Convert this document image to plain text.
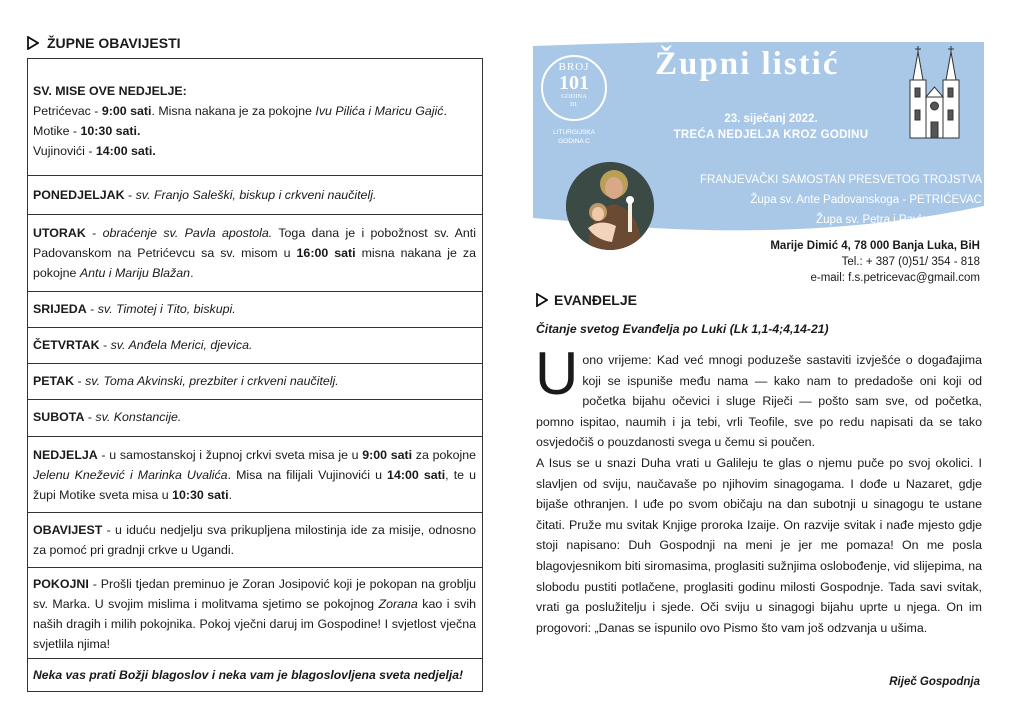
ŽUPNE OBAVIJESTI
SV. MISE OVE NEDJELJE:
Petrićevac - 9:00 sati. Misna nakana je za pokojne Ivu Pilića i Maricu Gajić.
Motike - 10:30 sati.
Vujinovići - 14:00 sati.
PONEDJELJAK - sv. Franjo Saleški, biskup i crkveni naučitelj.
UTORAK - obraćenje sv. Pavla apostola. Toga dana je i pobožnost sv. Anti Padovanskom na Petrićevcu sa sv. misom u 16:00 sati misna nakana je za pokojne Antu i Mariju Blažan.
SRIJEDA - sv. Timotej i Tito, biskupi.
ČETVRTAK - sv. Anđela Merici, djevica.
PETAK - sv. Toma Akvinski, prezbiter i crkveni naučitelj.
SUBOTA - sv. Konstancije.
NEDJELJA - u samostanskoj i župnoj crkvi sveta misa je u 9:00 sati za pokojne Jelenu Knežević i Marinka Uvalića. Misa na filijali Vujinovići u 14:00 sati, te u župi Motike sveta misa u 10:30 sati.
OBAVIJEST - u iduću nedjelju sva prikupljena milostinja ide za misije, odnosno za pomoć pri gradnji crkve u Ugandi.
POKOJNI - Prošli tjedan preminuo je Zoran Josipović koji je pokopan na groblju sv. Marka. U svojim mislima i molitvama sjetimo se pokojnog Zorana kao i svih naših dragih i milih pokojnika. Pokoj vječni daruj im Gospodine! I svjetlost vječna svjetlila njima!
Neka vas prati Božji blagoslov i neka vam je blagoslovljena sveta nedjelja!
BROJ
101
GODINA
III.
LITURGIJSKA
GODINA C
Župni listić
23. siječanj 2022.
TREĆA NEDJELJA KROZ GODINU
FRANJEVAČKI SAMOSTAN PRESVETOG TROJSTVA
Župa sv. Ante Padovanskoga - PETRIĆEVAC
Župa sv. Petra i Pavla - MOTIKE
Marije Dimić 4, 78 000 Banja Luka, BiH
Tel.: + 387 (0)51/ 354 - 818
e-mail: f.s.petricevac@gmail.com
EVANĐELJE
Čitanje svetog Evanđelja po Luki (Lk 1,1-4;4,14-21)
U ono vrijeme: Kad već mnogi poduzeše sastaviti izvješće o događajima koji se ispuniše među nama — kako nam to predadoše oni koji od početka bijahu očevici i sluge Riječi — pošto sam sve, od početka, pomno ispitao, naumih i ja tebi, vrli Teofile, sve po redu napisati da se tako osvjedočiš o pouzdanosti svega u čemu si poučen.

A Isus se u snazi Duha vrati u Galileju te glas o njemu puče po svoj okolici. I slavljen od sviju, naučavaše po njihovim sinagogama. I dođe u Nazaret, gdje bijaše othranjen. I uđe po svom običaju na dan subotnji u sinagogu te ustane čitati. Pruže mu svitak Knjige proroka Izaije. On razvije svitak i nađe mjesto gdje stoji napisano: Duh Gospodnji na meni je jer me pomaza! On me posla blagovjesnikom biti siromasima, proglasiti sužnjima oslobođenje, vid slijepima, na slobodu pustiti potlačene, proglasiti godinu milosti Gospodnje. Tada savi svitak, vrati ga poslužitelju i sjede. Oči sviju u sinagogi bijahu uprte u njega. On im progovori: „Danas se ispunilo ovo Pismo što vam još odzvanja u ušima.

Riječ Gospodnja
